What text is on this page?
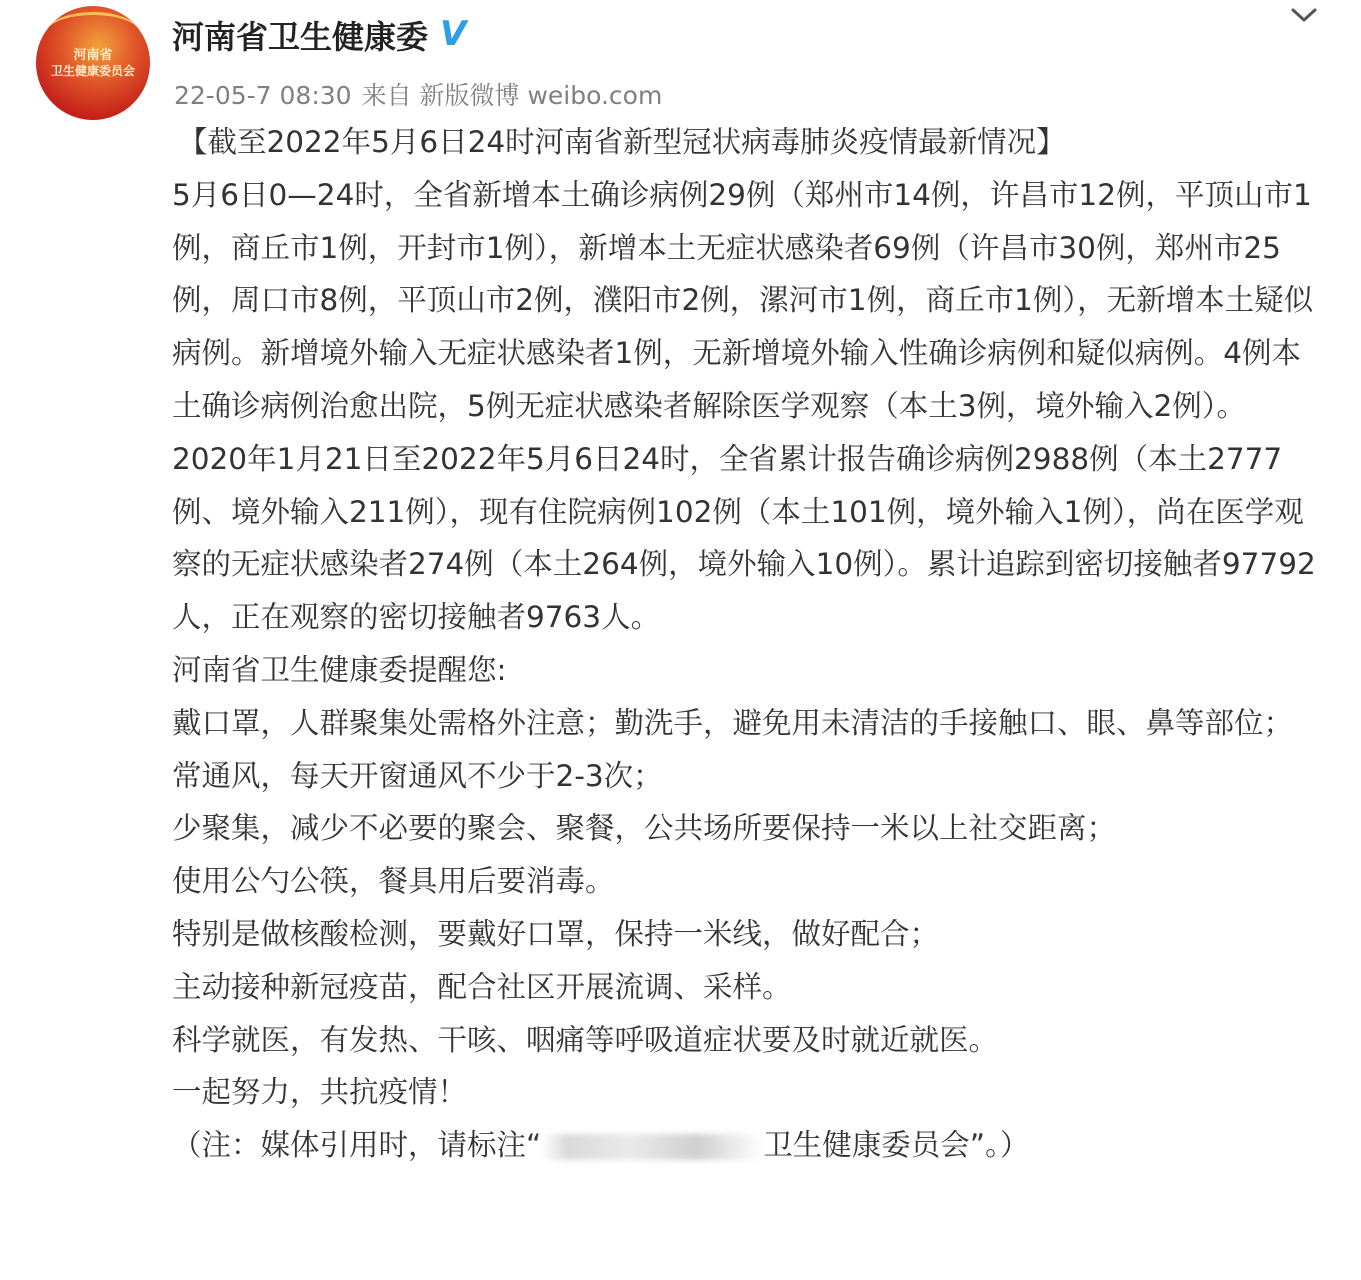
河南省
卫生健康委员会
河南省卫生健康委 V
22-05-7 08:30 来自 新版微博 weibo.com

【截至2022年5月6日24时河南省新型冠状病毒肺炎疫情最新情况】

5月6日0—24时，全省新增本土确诊病例29例（郑州市14例，许昌市12例，平顶山市1例，商丘市1例，开封市1例），新增本土无症状感染者69例（许昌市30例，郑州市25例，周口市8例，平顶山市2例，濮阳市2例，漯河市1例，商丘市1例），无新增本土疑似病例。新增境外输入无症状感染者1例，无新增境外输入性确诊病例和疑似病例。4例本土确诊病例治愈出院，5例无症状感染者解除医学观察（本土3例，境外输入2例）。

2020年1月21日至2022年5月6日24时，全省累计报告确诊病例2988例（本土2777例、境外输入211例），现有住院病例102例（本土101例，境外输入1例），尚在医学观察的无症状感染者274例（本土264例，境外输入10例）。累计追踪到密切接触者97792人，正在观察的密切接触者9763人。

河南省卫生健康委提醒您:

戴口罩，人群聚集处需格外注意；勤洗手，避免用未清洁的手接触口、眼、鼻等部位；

常通风，每天开窗通风不少于2-3次；

少聚集，减少不必要的聚会、聚餐，公共场所要保持一米以上社交距离；

使用公勺公筷，餐具用后要消毒。

特别是做核酸检测，要戴好口罩，保持一米线，做好配合；

主动接种新冠疫苗，配合社区开展流调、采样。

科学就医，有发热、干咳、咽痛等呼吸道症状要及时就近就医。

一起努力，共抗疫情！

（注：媒体引用时，请标注“	卫生健康委员会”。）
